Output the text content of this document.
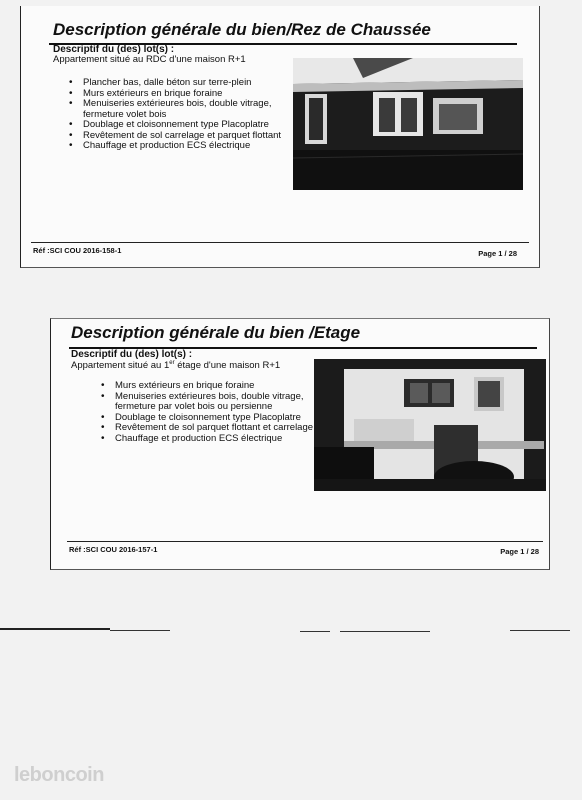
Description générale du bien/Rez de Chaussée
Descriptif du (des) lot(s) :
Appartement situé au RDC d'une maison R+1
• Plancher bas, dalle béton sur terre-plein
• Murs extérieurs en brique foraine
• Menuiseries extérieures bois, double vitrage, fermeture volet bois
• Doublage et cloisonnement type Placoplatre
• Revêtement de sol carrelage et parquet flottant
• Chauffage et production ECS électrique
Réf :SCI COU 2016-158-1	Page 1 / 28
Description générale du bien /Etage
Descriptif du (des) lot(s) :
Appartement situé au 1er étage d'une maison R+1
• Murs extérieurs en brique foraine
• Menuiseries extérieures bois, double vitrage, fermeture par volet bois ou persienne
• Doublage te cloisonnement type Placoplatre
• Revêtement de sol parquet flottant et carrelage
• Chauffage et production ECS électrique
Réf :SCI COU 2016-157-1	Page 1 / 28
leboncoin
